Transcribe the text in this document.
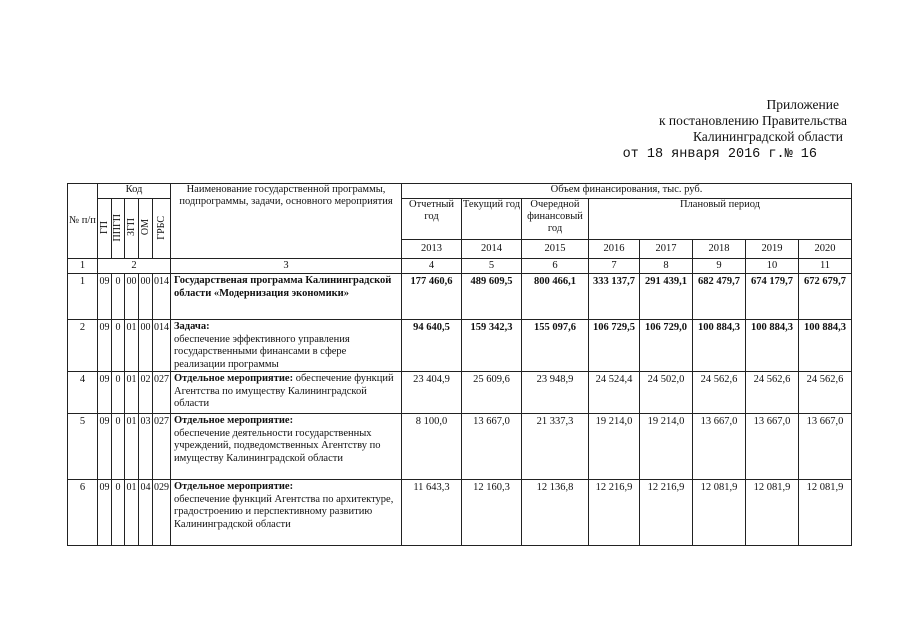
Приложение
к постановлению Правительства
Калининградской области
от 18 января 2016 г.№ 16
№ п/п	Код					Наименование государственной программы, подпрограммы, задачи, основного мероприятия	Объем финансирования, тыс. руб.							
	ГП	ППГП	ЗГП	ОМ	ГРБС		Отчетный год	Текущий год	Очередной финансовый год	Плановый период				
							2013	2014	2015	2016	2017	2018	2019	2020
1	2					3	4	5	6	7	8	9	10	11
1	09	0	00	00	014	Государственая программа Калининградской области «Модернизация экономики»	177 460,6	489 609,5	800 466,1	333 137,7	291 439,1	682 479,7	674 179,7	672 679,7
2	09	0	01	00	014	Задача:
обеспечение эффективного управления государственными финансами в сфере реализации программы	94 640,5	159 342,3	155 097,6	106 729,5	106 729,0	100 884,3	100 884,3	100 884,3
4	09	0	01	02	027	Отдельное мероприятие: обеспечение функций Агентства по имуществу Калининградской области	23 404,9	25 609,6	23 948,9	24 524,4	24 502,0	24 562,6	24 562,6	24 562,6
5	09	0	01	03	027	Отдельное мероприятие:
обеспечение деятельности государственных учреждений, подведомственных Агентству по имуществу Калининградской области	8 100,0	13 667,0	21 337,3	19 214,0	19 214,0	13 667,0	13 667,0	13 667,0
6	09	0	01	04	029	Отдельное мероприятие:
обеспечение функций Агентства по архитектуре, градостроению и перспективному развитию Калининградской области	11 643,3	12 160,3	12 136,8	12 216,9	12 216,9	12 081,9	12 081,9	12 081,9
